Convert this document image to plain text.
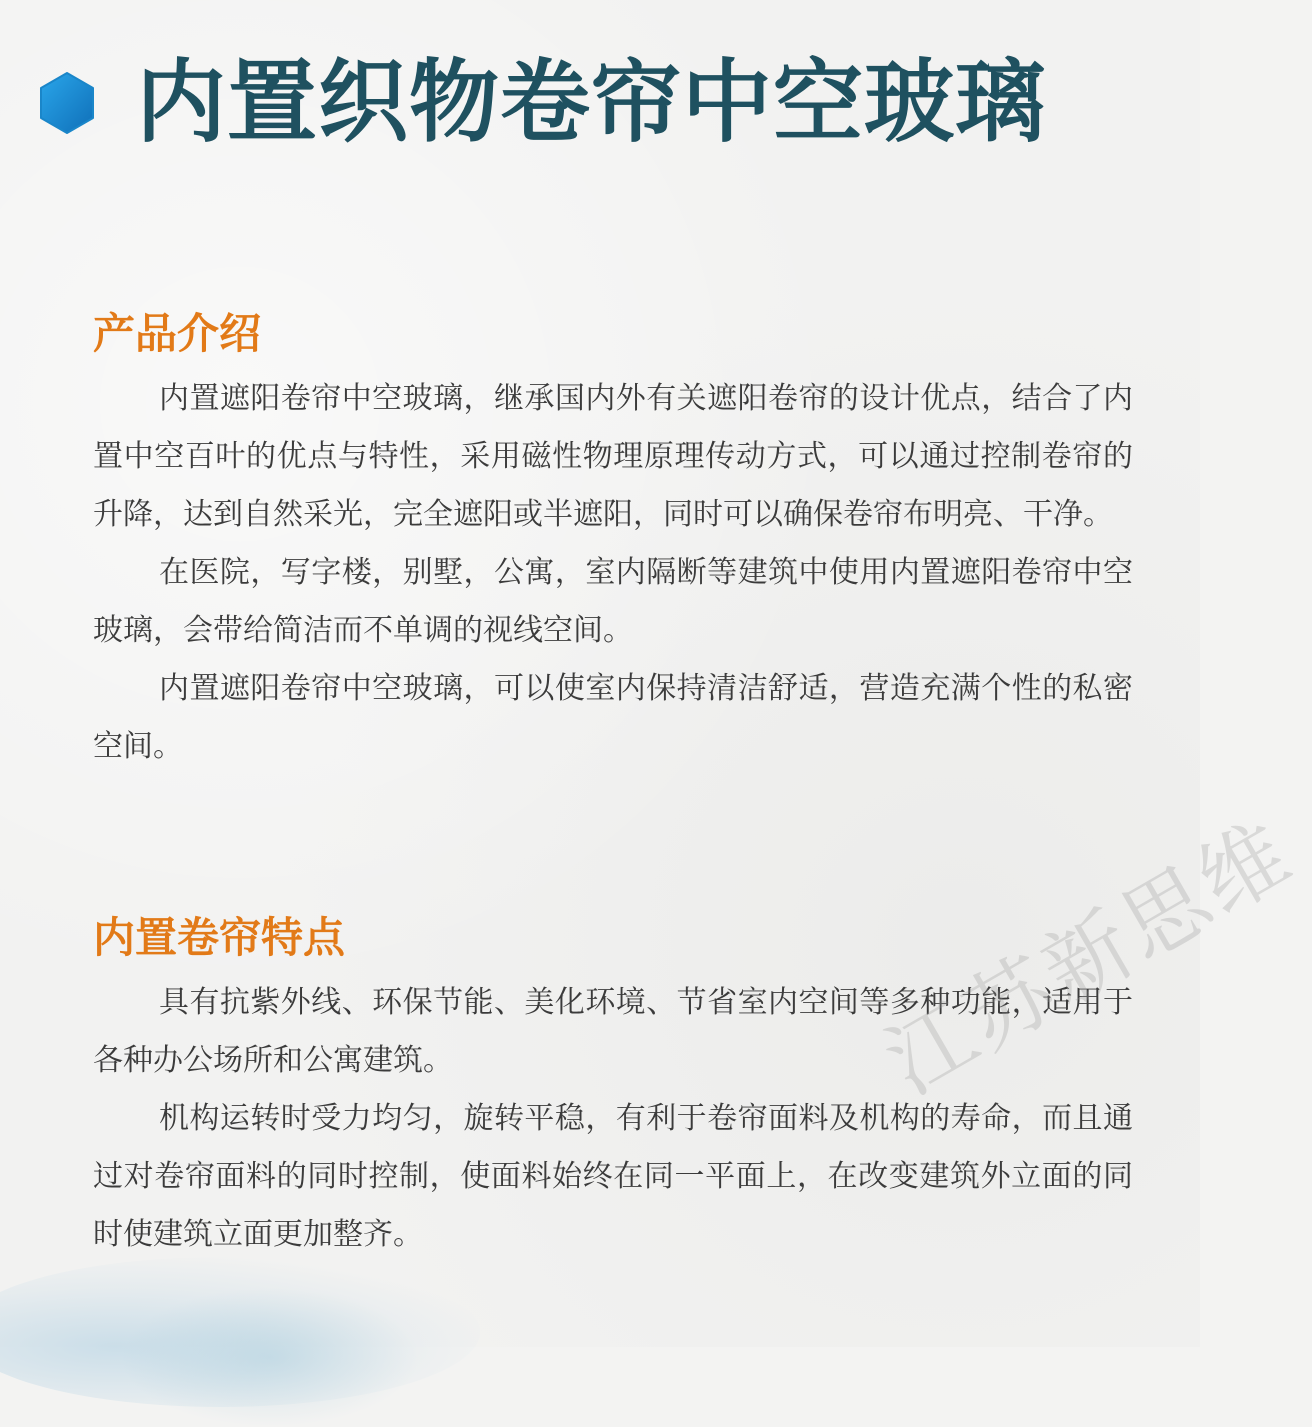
内置织物卷帘中空玻璃
产品介绍

内置遮阳卷帘中空玻璃，继承国内外有关遮阳卷帘的设计优点，结合了内置中空百叶的优点与特性，采用磁性物理原理传动方式，可以通过控制卷帘的升降，达到自然采光，完全遮阳或半遮阳，同时可以确保卷帘布明亮、干净。

在医院，写字楼，别墅，公寓，室内隔断等建筑中使用内置遮阳卷帘中空玻璃，会带给简洁而不单调的视线空间。

内置遮阳卷帘中空玻璃，可以使室内保持清洁舒适，营造充满个性的私密空间。

内置卷帘特点

具有抗紫外线、环保节能、美化环境、节省室内空间等多种功能，适用于各种办公场所和公寓建筑。

机构运转时受力均匀，旋转平稳，有利于卷帘面料及机构的寿命，而且通过对卷帘面料的同时控制，使面料始终在同一平面上，在改变建筑外立面的同时使建筑立面更加整齐。

江苏新思维
